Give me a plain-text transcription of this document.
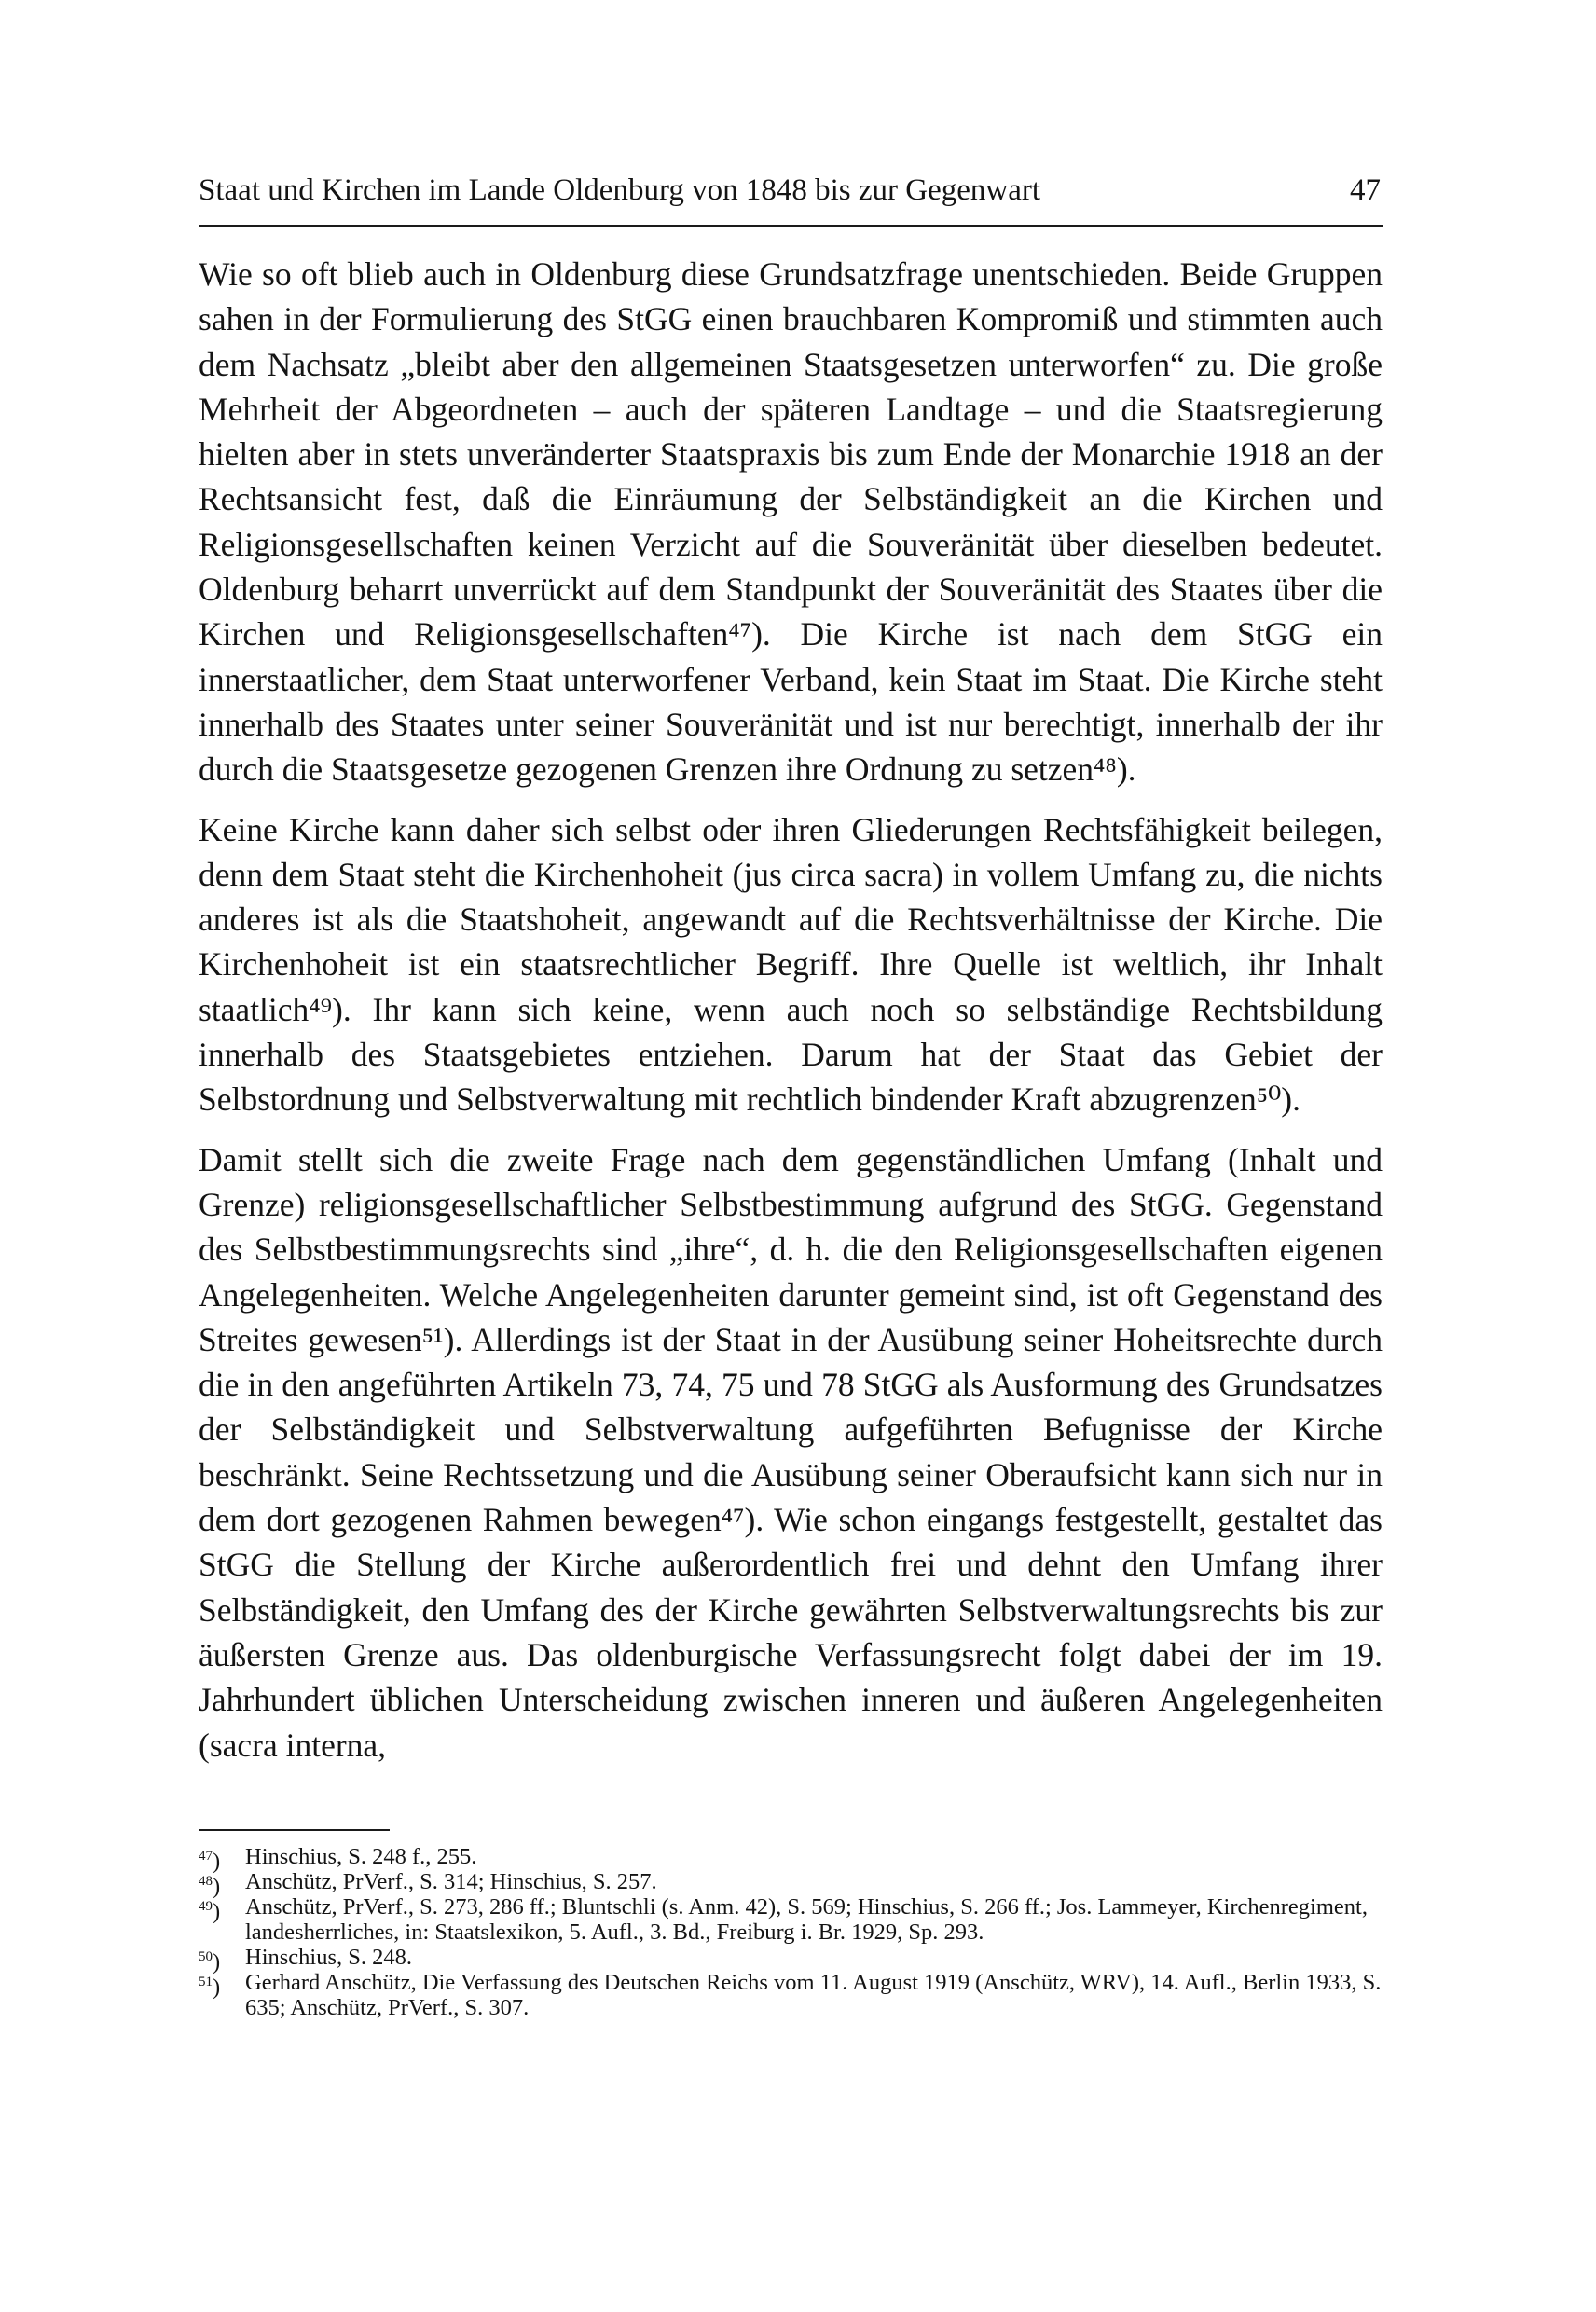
Staat und Kirchen im Lande Oldenburg von 1848 bis zur Gegenwart	47

Wie so oft blieb auch in Oldenburg diese Grundsatzfrage unentschieden. Beide Gruppen sahen in der Formulierung des StGG einen brauchbaren Kompromiß und stimmten auch dem Nachsatz „bleibt aber den allgemeinen Staatsgesetzen unterworfen“ zu. Die große Mehrheit der Abgeordneten – auch der späteren Landtage – und die Staatsregierung hielten aber in stets unveränderter Staatspraxis bis zum Ende der Monarchie 1918 an der Rechtsansicht fest, daß die Einräumung der Selbständigkeit an die Kirchen und Religionsgesellschaften keinen Verzicht auf die Souveränität über dieselben bedeutet. Oldenburg beharrt unverrückt auf dem Standpunkt der Souveränität des Staates über die Kirchen und Religionsgesellschaften⁴⁷). Die Kirche ist nach dem StGG ein innerstaatlicher, dem Staat unterworfener Verband, kein Staat im Staat. Die Kirche steht innerhalb des Staates unter seiner Souveränität und ist nur berechtigt, innerhalb der ihr durch die Staatsgesetze gezogenen Grenzen ihre Ordnung zu setzen⁴⁸).

Keine Kirche kann daher sich selbst oder ihren Gliederungen Rechtsfähigkeit beilegen, denn dem Staat steht die Kirchenhoheit (jus circa sacra) in vollem Umfang zu, die nichts anderes ist als die Staatshoheit, angewandt auf die Rechtsverhältnisse der Kirche. Die Kirchenhoheit ist ein staatsrechtlicher Begriff. Ihre Quelle ist weltlich, ihr Inhalt staatlich⁴⁹). Ihr kann sich keine, wenn auch noch so selbständige Rechtsbildung innerhalb des Staatsgebietes entziehen. Darum hat der Staat das Gebiet der Selbstordnung und Selbstverwaltung mit rechtlich bindender Kraft abzugrenzen⁵⁰).

Damit stellt sich die zweite Frage nach dem gegenständlichen Umfang (Inhalt und Grenze) religionsgesellschaftlicher Selbstbestimmung aufgrund des StGG. Gegenstand des Selbstbestimmungsrechts sind „ihre“, d. h. die den Religionsgesellschaften eigenen Angelegenheiten. Welche Angelegenheiten darunter gemeint sind, ist oft Gegenstand des Streites gewesen⁵¹). Allerdings ist der Staat in der Ausübung seiner Hoheitsrechte durch die in den angeführten Artikeln 73, 74, 75 und 78 StGG als Ausformung des Grundsatzes der Selbständigkeit und Selbstverwaltung aufgeführten Befugnisse der Kirche beschränkt. Seine Rechtssetzung und die Ausübung seiner Oberaufsicht kann sich nur in dem dort gezogenen Rahmen bewegen⁴⁷). Wie schon eingangs festgestellt, gestaltet das StGG die Stellung der Kirche außerordentlich frei und dehnt den Umfang ihrer Selbständigkeit, den Umfang des der Kirche gewährten Selbstverwaltungsrechts bis zur äußersten Grenze aus. Das oldenburgische Verfassungsrecht folgt dabei der im 19. Jahrhundert üblichen Unterscheidung zwischen inneren und äußeren Angelegenheiten (sacra interna,

$^{47}$)	Hinschius, S. 248 f., 255.
$^{48}$)	Anschütz, PrVerf., S. 314; Hinschius, S. 257.
$^{49}$)	Anschütz, PrVerf., S. 273, 286 ff.; Bluntschli (s. Anm. 42), S. 569; Hinschius, S. 266 ff.; Jos. Lammeyer, Kirchenregiment, landesherrliches, in: Staatslexikon, 5. Aufl., 3. Bd., Freiburg i. Br. 1929, Sp. 293.
$^{50}$)	Hinschius, S. 248.
$^{51}$)	Gerhard Anschütz, Die Verfassung des Deutschen Reichs vom 11. August 1919 (Anschütz, WRV), 14. Aufl., Berlin 1933, S. 635; Anschütz, PrVerf., S. 307.
